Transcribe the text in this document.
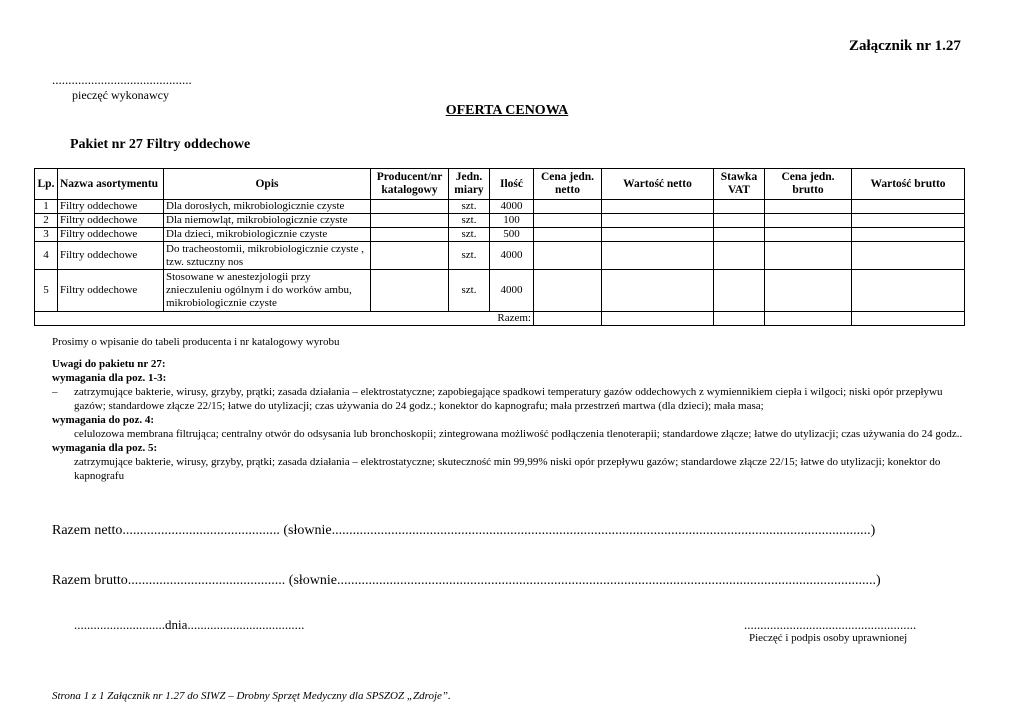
Załącznik nr 1.27
...........................................
pieczęć wykonawcy
OFERTA CENOWA
Pakiet nr 27 Filtry oddechowe
Lp.	Nazwa asortymentu	Opis	Producent/nr katalogowy	Jedn. miary	Ilość	Cena jedn. netto	Wartość netto	Stawka VAT	Cena jedn. brutto	Wartość brutto
1	Filtry oddechowe	Dla dorosłych, mikrobiologicznie czyste		szt.	4000					
2	Filtry oddechowe	Dla niemowląt, mikrobiologicznie czyste		szt.	100					
3	Filtry oddechowe	Dla dzieci, mikrobiologicznie czyste		szt.	500					
4	Filtry oddechowe	Do tracheostomii, mikrobiologicznie czyste , tzw. sztuczny nos		szt.	4000					
5	Filtry oddechowe	Stosowane w anestezjologii przy znieczuleniu ogólnym i do worków ambu, mikrobiologicznie czyste		szt.	4000					
Razem:										
Prosimy o wpisanie do tabeli producenta i nr katalogowy wyrobu
Uwagi do pakietu nr 27:
wymagania dla poz. 1-3:
– zatrzymujące bakterie, wirusy, grzyby, prątki; zasada działania – elektrostatyczne; zapobiegające spadkowi temperatury gazów oddechowych z wymiennikiem ciepła i wilgoci; niski opór przepływu gazów; standardowe złącze 22/15; łatwe do utylizacji; czas używania do 24 godz.; konektor do kapnografu; mała przestrzeń martwa (dla dzieci); mała masa;
wymagania do poz. 4:
celulozowa membrana filtrująca; centralny otwór do odsysania lub bronchoskopii; zintegrowana możliwość podłączenia tlenoterapii; standardowe złącze; łatwe do utylizacji; czas używania do 24 godz..
wymagania dla poz. 5:
zatrzymujące bakterie, wirusy, grzyby, prątki; zasada działania – elektrostatyczne; skuteczność min 99,99% niski opór przepływu gazów; standardowe złącze 22/15; łatwe do utylizacji; konektor do kapnografu
Razem netto............................................. (słownie..........................................................................................................................................................)
Razem brutto............................................. (słownie..........................................................................................................................................................)
............................dnia....................................	.....................................................
Pieczęć i podpis osoby uprawnionej
Strona 1 z 1 Załącznik nr 1.27 do SIWZ – Drobny Sprzęt Medyczny dla SPSZOZ „Zdroje”.
